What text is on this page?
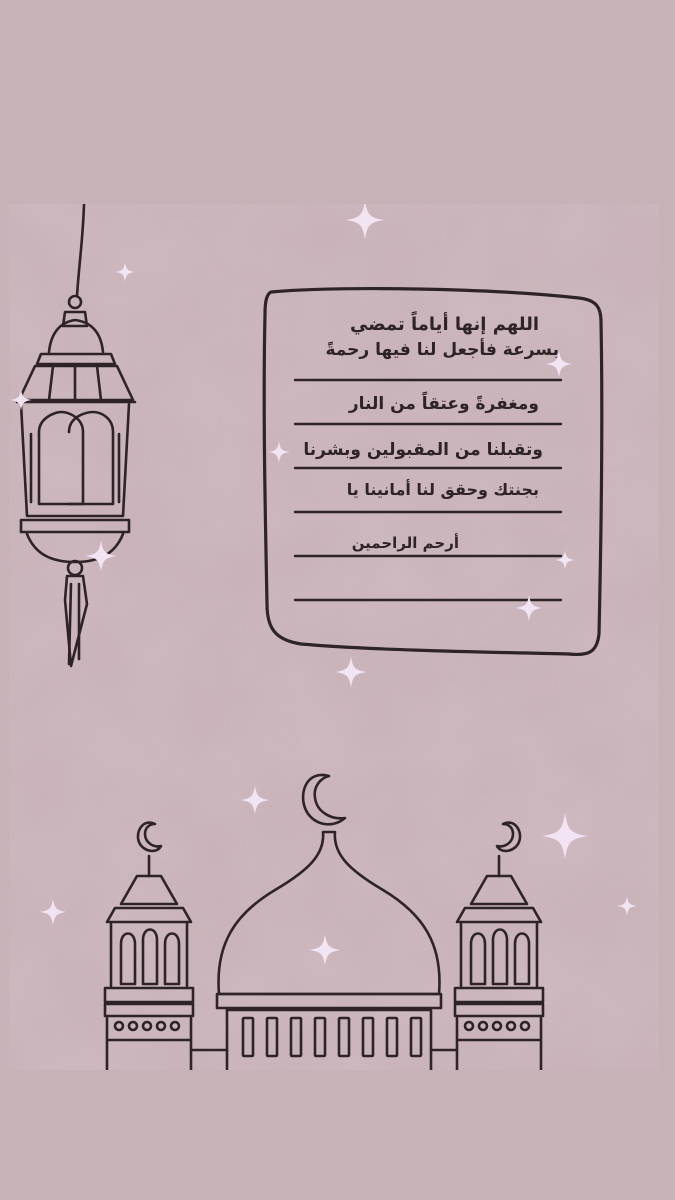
اللهم إنها أياماً تمضي
بسرعة فأجعل لنا فيها رحمةً
ومغفرةً وعتقاً من النار
وتقبلنا من المقبولين وبشرنا
بجنتك وحقق لنا أمانينا يا
أرحم الراحمين
